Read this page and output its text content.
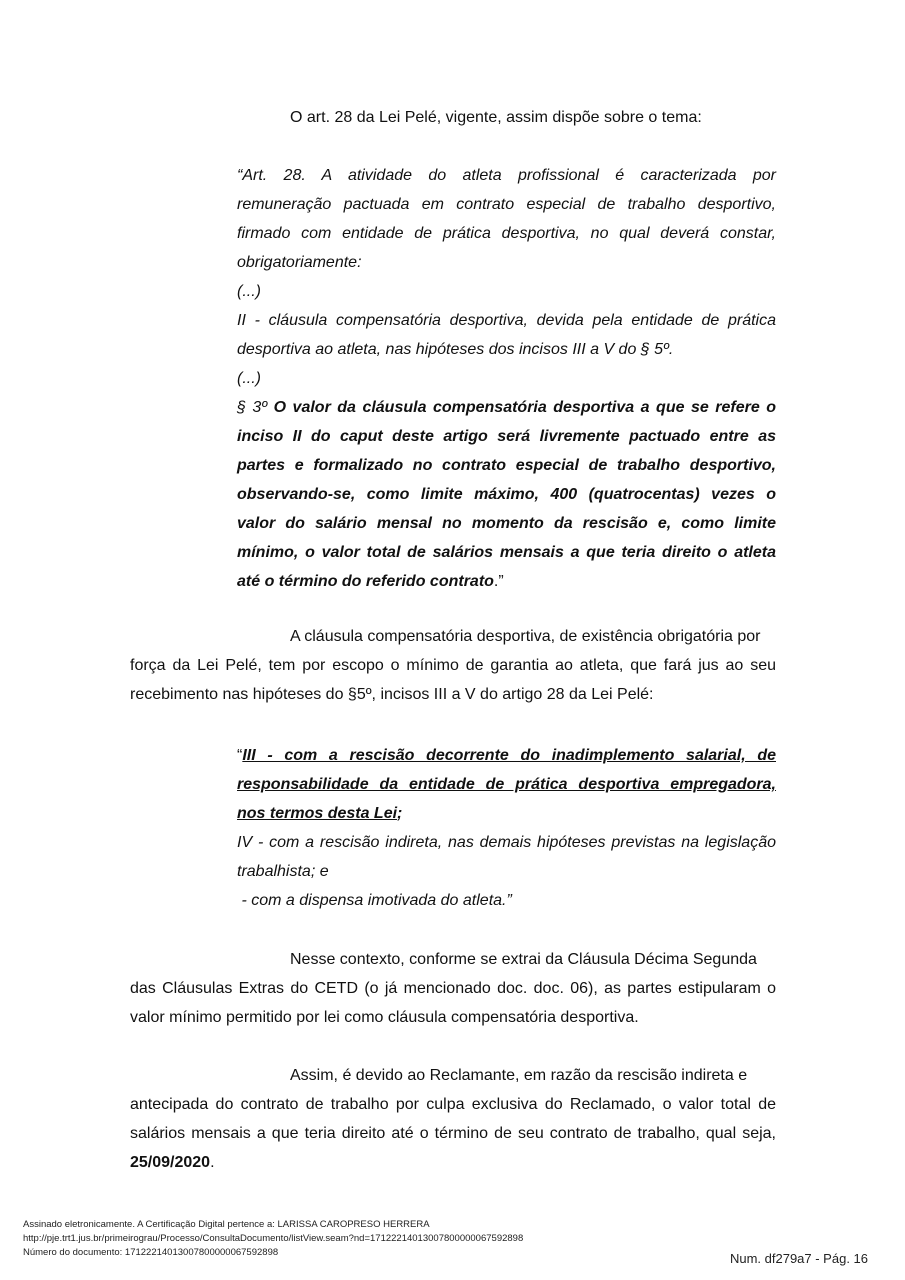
O art. 28 da Lei Pelé, vigente, assim dispõe sobre o tema:
“Art. 28. A atividade do atleta profissional é caracterizada por
remuneração pactuada em contrato especial de trabalho desportivo,
firmado com entidade de prática desportiva, no qual deverá constar,
obrigatoriamente:
(...)
II - cláusula compensatória desportiva, devida pela entidade de prática
desportiva ao atleta, nas hipóteses dos incisos III a V do § 5º.
(...)
§ 3º O valor da cláusula compensatória desportiva a que se refere o
inciso II do caput deste artigo será livremente pactuado entre as
partes e formalizado no contrato especial de trabalho desportivo,
observando-se, como limite máximo, 400 (quatrocentas) vezes o
valor do salário mensal no momento da rescisão e, como limite
mínimo, o valor total de salários mensais a que teria direito o atleta
até o término do referido contrato.”
A cláusula compensatória desportiva, de existência obrigatória por
força da Lei Pelé, tem por escopo o mínimo de garantia ao atleta, que fará jus ao seu
recebimento nas hipóteses do §5º, incisos III a V do artigo 28 da Lei Pelé:
“III - com a rescisão decorrente do inadimplemento salarial, de
responsabilidade da entidade de prática desportiva empregadora,
nos termos desta Lei;
IV - com a rescisão indireta, nas demais hipóteses previstas na legislação
trabalhista; e
- com a dispensa imotivada do atleta.”
Nesse contexto, conforme se extrai da Cláusula Décima Segunda
das Cláusulas Extras do CETD (o já mencionado doc. doc. 06), as partes estipularam o
valor mínimo permitido por lei como cláusula compensatória desportiva.
Assim, é devido ao Reclamante, em razão da rescisão indireta e
antecipada do contrato de trabalho por culpa exclusiva do Reclamado, o valor total de
salários mensais a que teria direito até o término de seu contrato de trabalho, qual seja,
25/09/2020.
Assinado eletronicamente. A Certificação Digital pertence a: LARISSA CAROPRESO HERRERA
http://pje.trt1.jus.br/primeirograu/Processo/ConsultaDocumento/listView.seam?nd=17122214013007800000067592898
Número do documento: 17122214013007800000067592898	Num. df279a7 - Pág. 16
